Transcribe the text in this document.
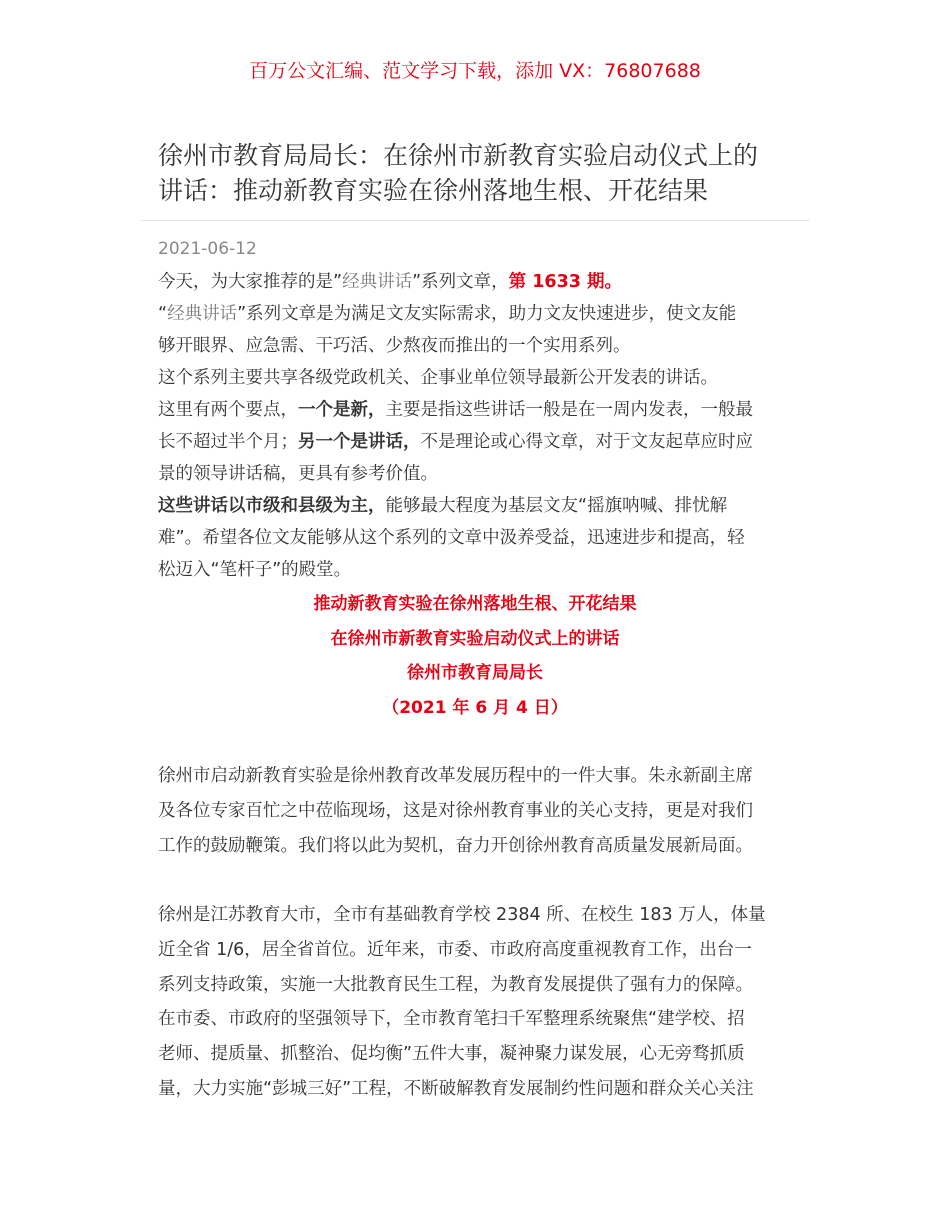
百万公文汇编、范文学习下载，添加 VX：76807688
徐州市教育局局长：在徐州市新教育实验启动仪式上的
讲话：推动新教育实验在徐州落地生根、开花结果
2021-06-12
今天，为大家推荐的是”经典讲话”系列文章，第 1633 期。
“经典讲话”系列文章是为满足文友实际需求，助力文友快速进步，使文友能
够开眼界、应急需、干巧活、少熬夜而推出的一个实用系列。
这个系列主要共享各级党政机关、企事业单位领导最新公开发表的讲话。
这里有两个要点，一个是新，主要是指这些讲话一般是在一周内发表，一般最
长不超过半个月；另一个是讲话，不是理论或心得文章，对于文友起草应时应
景的领导讲话稿，更具有参考价值。
这些讲话以市级和县级为主，能够最大程度为基层文友“摇旗呐喊、排忧解
难”。希望各位文友能够从这个系列的文章中汲养受益，迅速进步和提高，轻
松迈入“笔杆子”的殿堂。
推动新教育实验在徐州落地生根、开花结果
在徐州市新教育实验启动仪式上的讲话
徐州市教育局局长
（2021 年 6 月 4 日）
徐州市启动新教育实验是徐州教育改革发展历程中的一件大事。朱永新副主席
及各位专家百忙之中莅临现场，这是对徐州教育事业的关心支持，更是对我们
工作的鼓励鞭策。我们将以此为契机，奋力开创徐州教育高质量发展新局面。
徐州是江苏教育大市，全市有基础教育学校 2384 所、在校生 183 万人，体量
近全省 1/6，居全省首位。近年来，市委、市政府高度重视教育工作，出台一
系列支持政策，实施一大批教育民生工程，为教育发展提供了强有力的保障。
在市委、市政府的坚强领导下，全市教育笔扫千军整理系统聚焦“建学校、招
老师、提质量、抓整治、促均衡”五件大事，凝神聚力谋发展，心无旁骛抓质
量，大力实施“彭城三好”工程，不断破解教育发展制约性问题和群众关心关注
